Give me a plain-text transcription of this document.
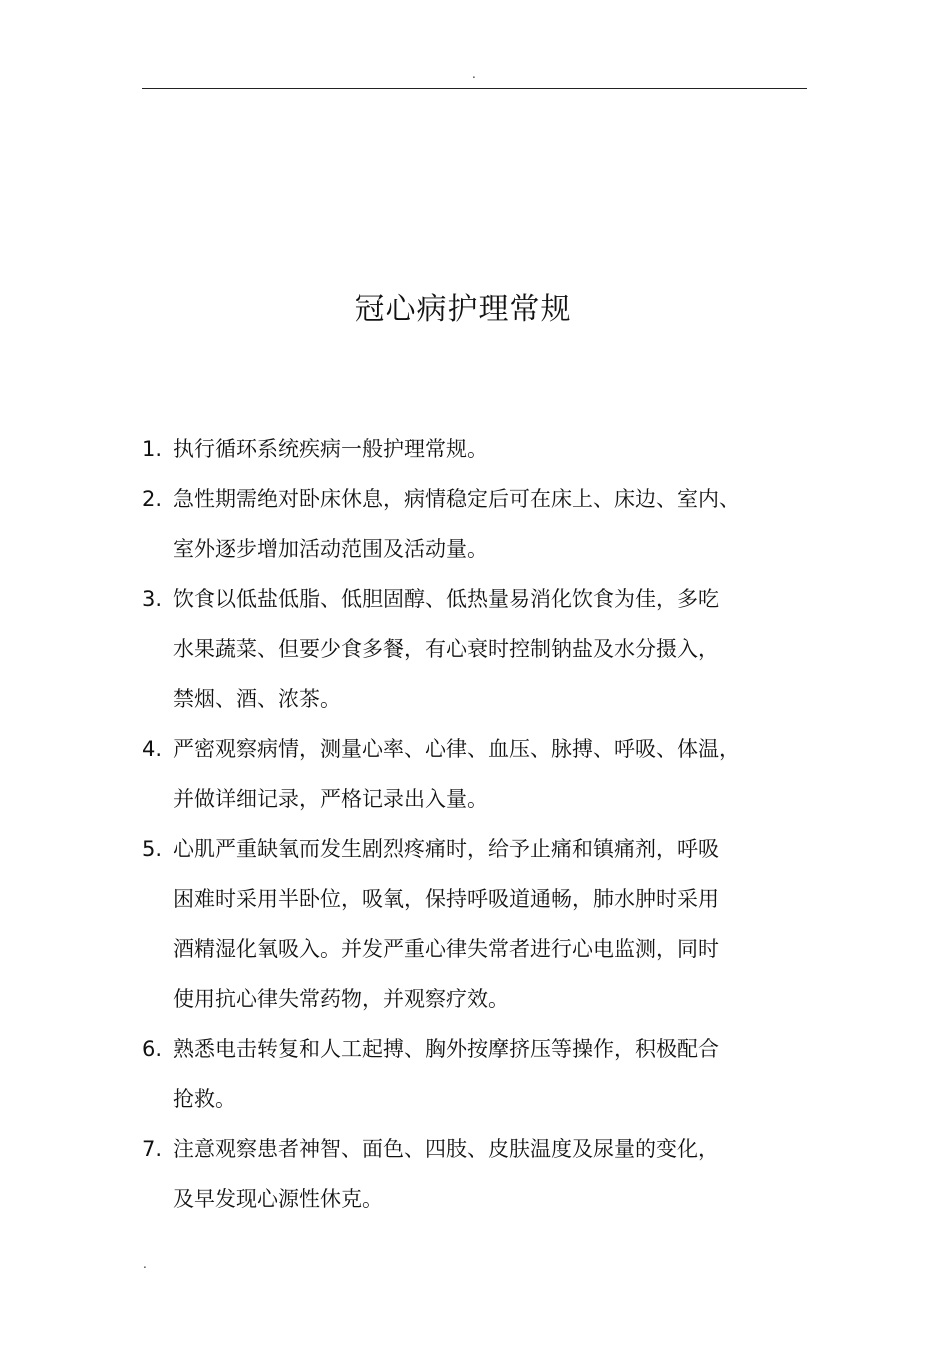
.
冠心病护理常规
1. 执行循环系统疾病一般护理常规。
2. 急性期需绝对卧床休息，病情稳定后可在床上、床边、室内、
室外逐步增加活动范围及活动量。
3. 饮食以低盐低脂、低胆固醇、低热量易消化饮食为佳，多吃
水果蔬菜、但要少食多餐，有心衰时控制钠盐及水分摄入，
禁烟、酒、浓茶。
4. 严密观察病情，测量心率、心律、血压、脉搏、呼吸、体温，
并做详细记录，严格记录出入量。
5. 心肌严重缺氧而发生剧烈疼痛时，给予止痛和镇痛剂，呼吸
困难时采用半卧位，吸氧，保持呼吸道通畅，肺水肿时采用
酒精湿化氧吸入。并发严重心律失常者进行心电监测，同时
使用抗心律失常药物，并观察疗效。
6. 熟悉电击转复和人工起搏、胸外按摩挤压等操作，积极配合
抢救。
7. 注意观察患者神智、面色、四肢、皮肤温度及尿量的变化，
及早发现心源性休克。
.
